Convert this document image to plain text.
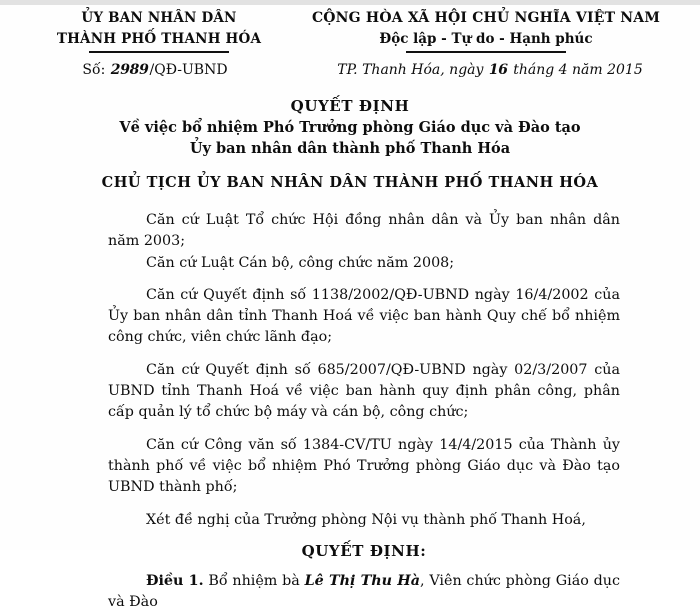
ỦY BAN NHÂN DÂN
THÀNH PHỐ THANH HÓA
CỘNG HÒA XÃ HỘI CHỦ NGHĨA VIỆT NAM
Độc lập - Tự do - Hạnh phúc
Số: 2989/QĐ-UBND	TP. Thanh Hóa, ngày 16 tháng 4 năm 2015
QUYẾT ĐỊNH
Về việc bổ nhiệm Phó Trưởng phòng Giáo dục và Đào tạo
Ủy ban nhân dân thành phố Thanh Hóa
CHỦ TỊCH ỦY BAN NHÂN DÂN THÀNH PHỐ THANH HÓA

Căn cứ Luật Tổ chức Hội đồng nhân dân và Ủy ban nhân dân năm 2003;

Căn cứ Luật Cán bộ, công chức năm 2008;

Căn cứ Quyết định số 1138/2002/QĐ-UBND ngày 16/4/2002 của Ủy ban nhân dân tỉnh Thanh Hoá về việc ban hành Quy chế bổ nhiệm công chức, viên chức lãnh đạo;

Căn cứ Quyết định số 685/2007/QĐ-UBND ngày 02/3/2007 của UBND tỉnh Thanh Hoá về việc ban hành quy định phân công, phân cấp quản lý tổ chức bộ máy và cán bộ, công chức;

Căn cứ Công văn số 1384-CV/TU ngày 14/4/2015 của Thành ủy thành phố về việc bổ nhiệm Phó Trưởng phòng Giáo dục và Đào tạo UBND thành phố;

Xét đề nghị của Trưởng phòng Nội vụ thành phố Thanh Hoá,

QUYẾT ĐỊNH:

Điều 1. Bổ nhiệm bà Lê Thị Thu Hà, Viên chức phòng Giáo dục và Đào
